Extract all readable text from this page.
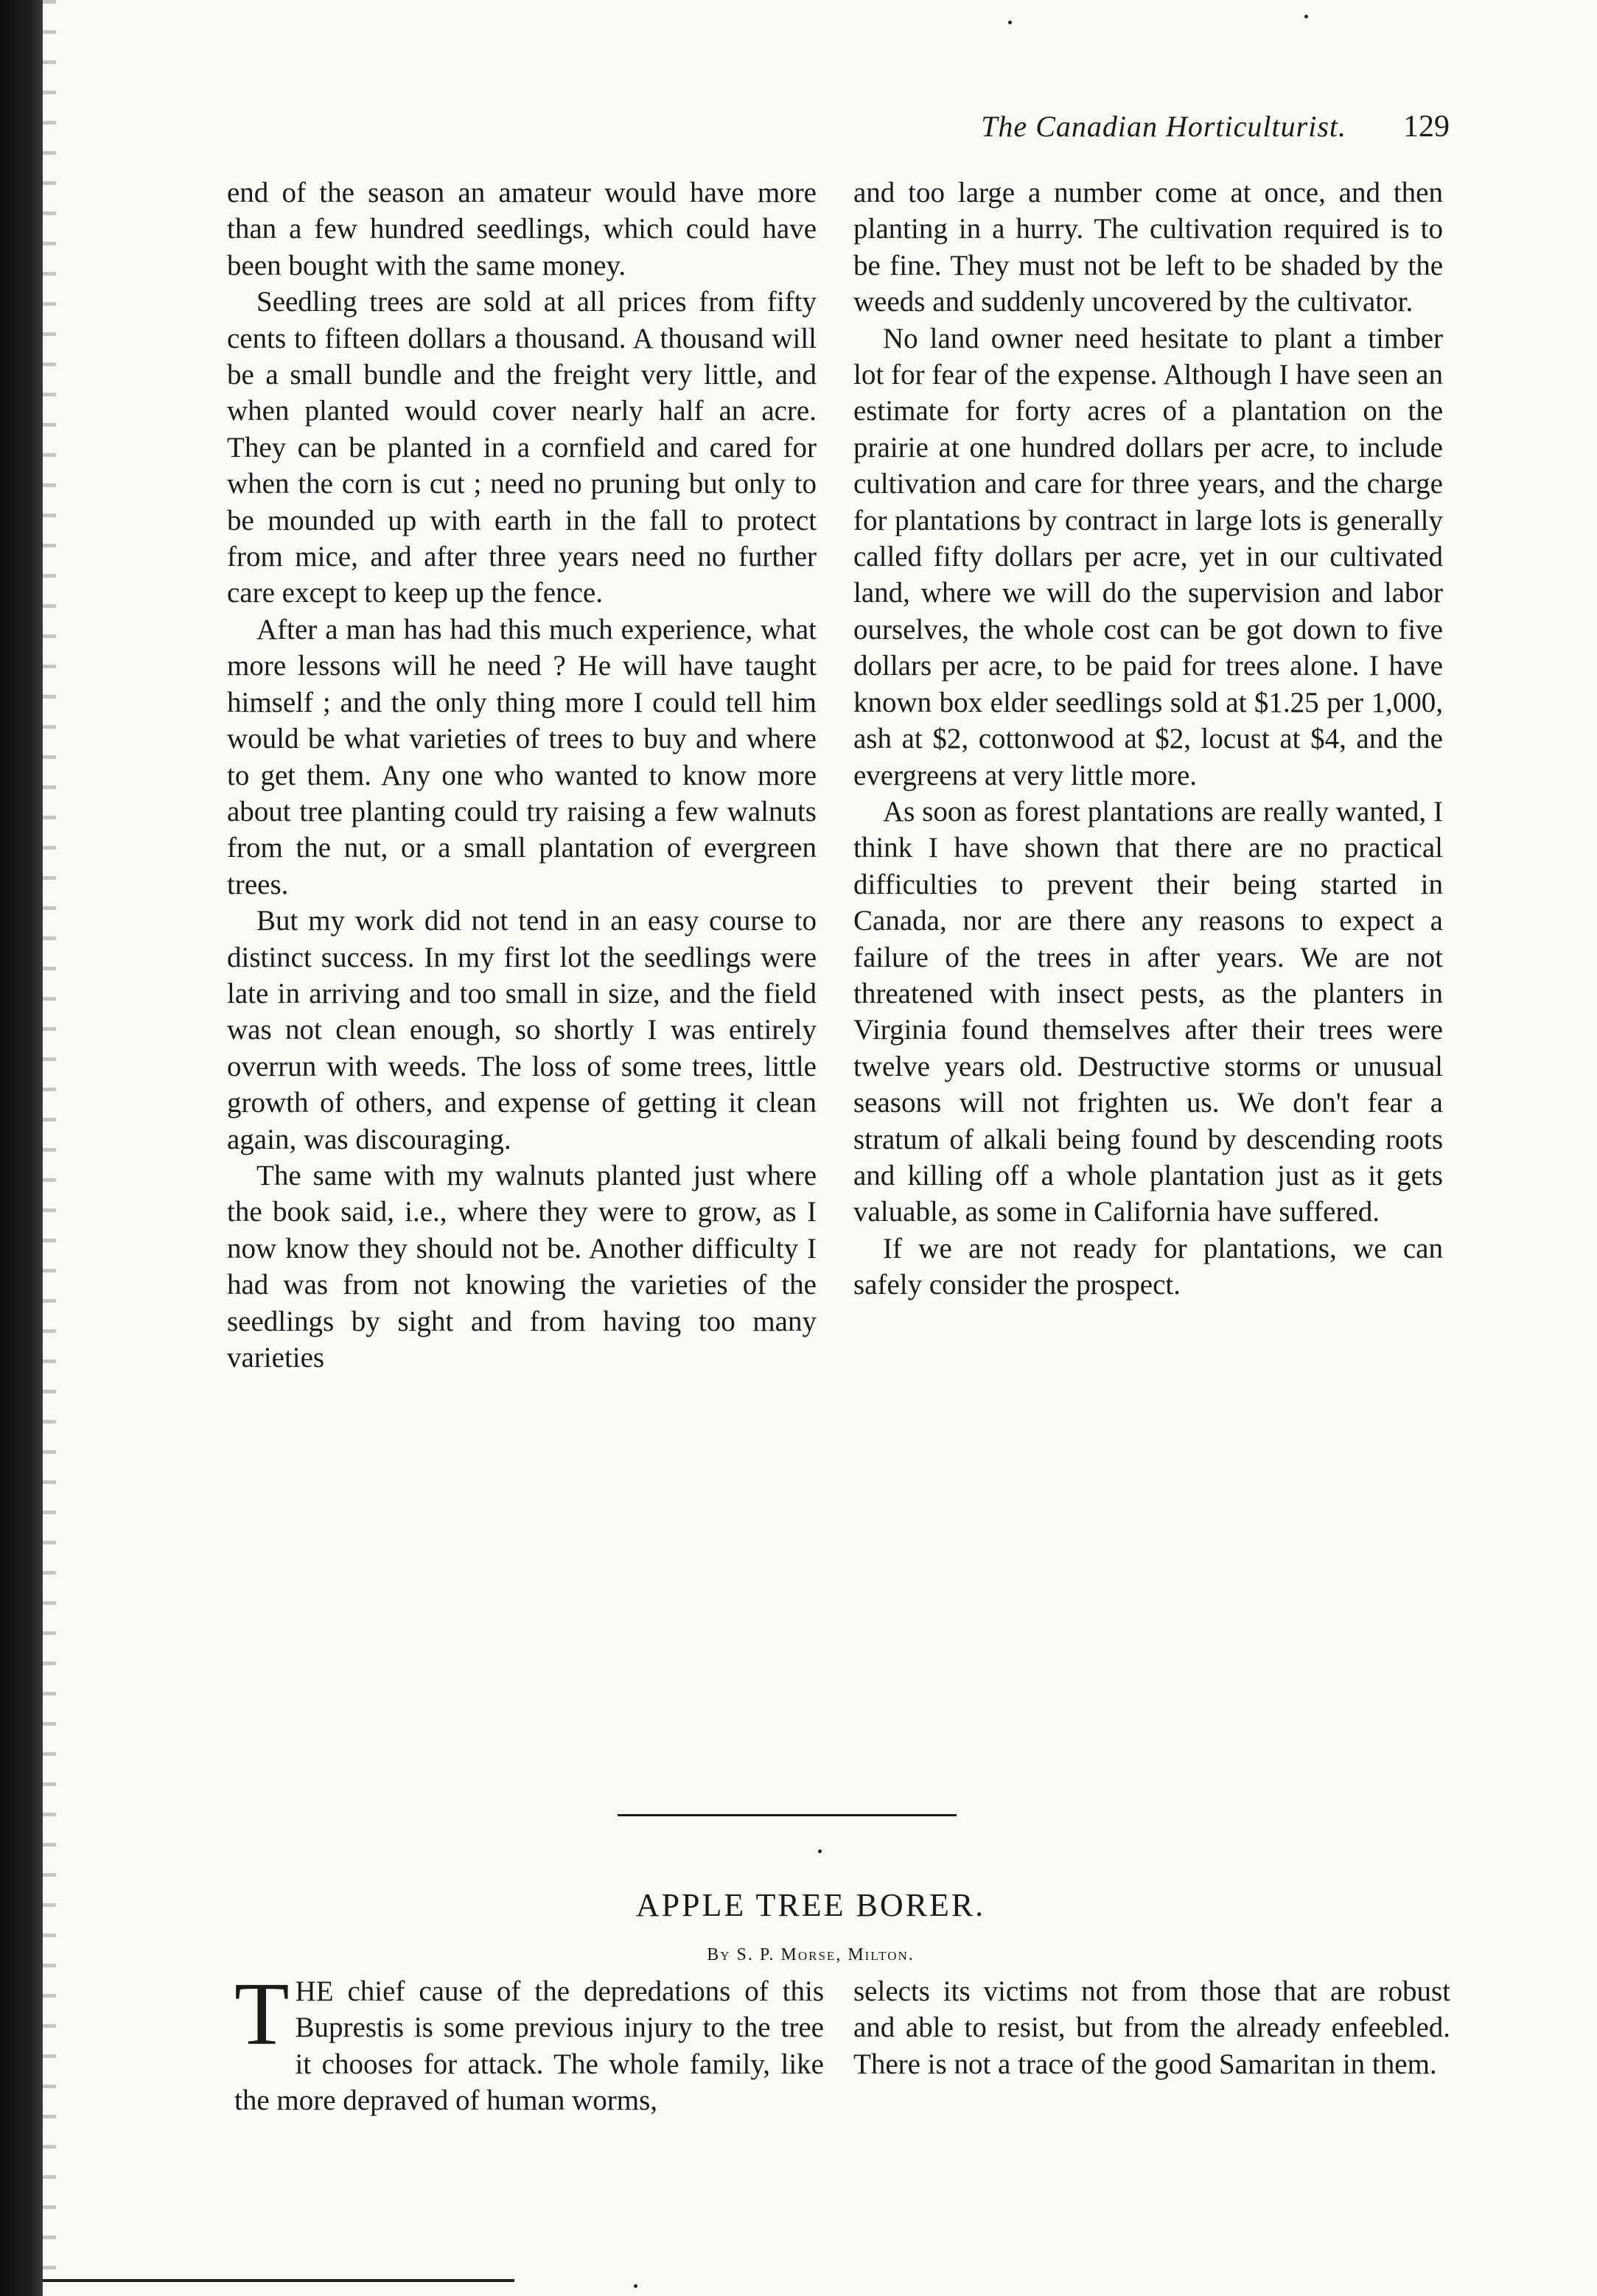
The Canadian Horticulturist. 129

end of the season an amateur would have more than a few hundred seedlings, which could have been bought with the same money.

Seedling trees are sold at all prices from fifty cents to fifteen dollars a thousand. A thousand will be a small bundle and the freight very little, and when planted would cover nearly half an acre. They can be planted in a cornfield and cared for when the corn is cut ; need no pruning but only to be mounded up with earth in the fall to protect from mice, and after three years need no further care except to keep up the fence.

After a man has had this much experience, what more lessons will he need ? He will have taught himself ; and the only thing more I could tell him would be what varieties of trees to buy and where to get them. Any one who wanted to know more about tree planting could try raising a few walnuts from the nut, or a small plantation of evergreen trees.

But my work did not tend in an easy course to distinct success. In my first lot the seedlings were late in arriving and too small in size, and the field was not clean enough, so shortly I was entirely overrun with weeds. The loss of some trees, little growth of others, and expense of getting it clean again, was discouraging.

The same with my walnuts planted just where the book said, i.e., where they were to grow, as I now know they should not be. Another difficulty I had was from not knowing the varieties of the seedlings by sight and from having too many varieties

and too large a number come at once, and then planting in a hurry. The cultivation required is to be fine. They must not be left to be shaded by the weeds and suddenly uncovered by the cultivator.

No land owner need hesitate to plant a timber lot for fear of the expense. Although I have seen an estimate for forty acres of a plantation on the prairie at one hundred dollars per acre, to include cultivation and care for three years, and the charge for plantations by contract in large lots is generally called fifty dollars per acre, yet in our cultivated land, where we will do the supervision and labor ourselves, the whole cost can be got down to five dollars per acre, to be paid for trees alone. I have known box elder seedlings sold at $1.25 per 1,000, ash at $2, cottonwood at $2, locust at $4, and the evergreens at very little more.

As soon as forest plantations are really wanted, I think I have shown that there are no practical difficulties to prevent their being started in Canada, nor are there any reasons to expect a failure of the trees in after years. We are not threatened with insect pests, as the planters in Virginia found themselves after their trees were twelve years old. Destructive storms or unusual seasons will not frighten us. We don't fear a stratum of alkali being found by descending roots and killing off a whole plantation just as it gets valuable, as some in California have suffered.

If we are not ready for plantations, we can safely consider the prospect.

APPLE TREE BORER.
By S. P. Morse, Milton.
T HE chief cause of the depredations of this Buprestis is some previous injury to the tree it chooses for attack. The whole family, like the more depraved of human worms,
selects its victims not from those that are robust and able to resist, but from the already enfeebled. There is not a trace of the good Samaritan in them.
